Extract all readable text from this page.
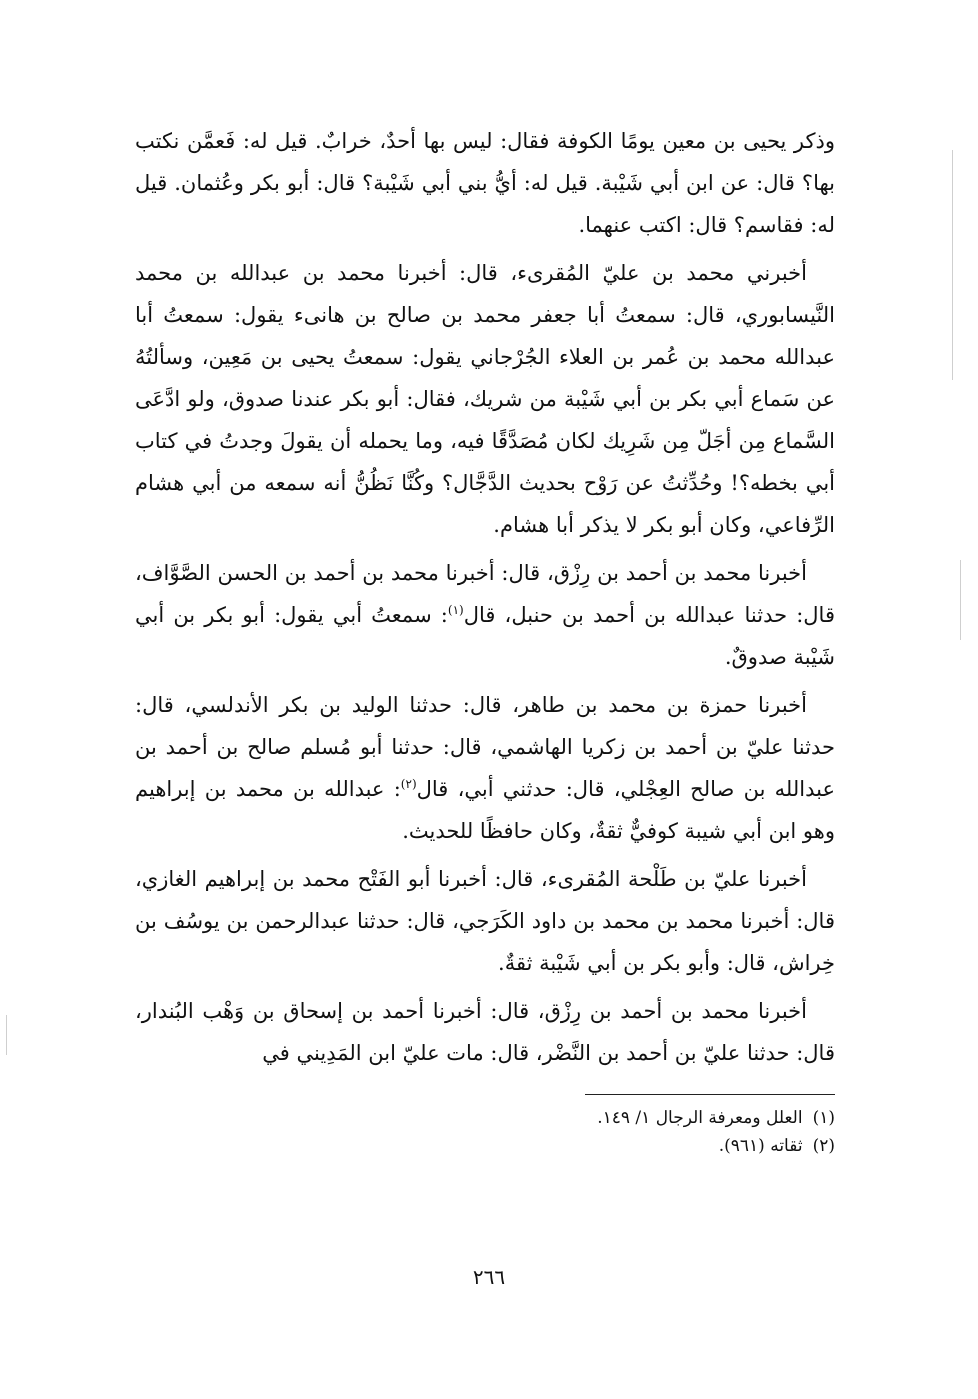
وذكر يحيى بن معين يومًا الكوفة فقال: ليس بها أحدٌ، خرابٌ. قيل له: فَعمَّن نكتب بها؟ قال: عن ابن أبي شَيْبة. قيل له: أيُّ بني أبي شَيْبة؟ قال: أبو بكر وعُثمان. قيل له: فقاسم؟ قال: اكتب عنهما.

أخبرني محمد بن عليّ المُقرىء، قال: أخبرنا محمد بن عبدالله بن محمد النَّيسابوري، قال: سمعتُ أبا جعفر محمد بن صالح بن هانىء يقول: سمعتُ أبا عبدالله محمد بن عُمر بن العلاء الجُرْجاني يقول: سمعتُ يحيى بن مَعِين، وسألتُهُ عن سَماع أبي بكر بن أبي شَيْبة من شريك، فقال: أبو بكر عندنا صدوق، ولو ادَّعَى السَّماع مِن أجَلّ مِن شَرِيك لكان مُصَدَّقًا فيه، وما يحمله أن يقولَ وجدتُ في كتاب أبي بخطه؟! وحُدِّثتُ عن رَوْح بحديث الدَّجَّال؟ وكُنَّا نَظُنُّ أنه سمعه من أبي هشام الرِّفاعي، وكان أبو بكر لا يذكر أبا هشام.

أخبرنا محمد بن أحمد بن رِزْق، قال: أخبرنا محمد بن أحمد بن الحسن الصَّوَّاف، قال: حدثنا عبدالله بن أحمد بن حنبل، قال$^{(١)}$: سمعتُ أبي يقول: أبو بكر بن أبي شَيْبة صدوقٌ.

أخبرنا حمزة بن محمد بن طاهر، قال: حدثنا الوليد بن بكر الأندلسي، قال: حدثنا عليّ بن أحمد بن زكريا الهاشمي، قال: حدثنا أبو مُسلم صالح بن أحمد بن عبدالله بن صالح العِجْلي، قال: حدثني أبي، قال$^{(٢)}$: عبدالله بن محمد بن إبراهيم وهو ابن أبي شيبة كوفيٌّ ثقةٌ، وكان حافظًا للحديث.

أخبرنا عليّ بن طَلْحة المُقرىء، قال: أخبرنا أبو الفَتْح محمد بن إبراهيم الغازي، قال: أخبرنا محمد بن محمد بن داود الكَرَجي، قال: حدثنا عبدالرحمن بن يوسُف بن خِراش، قال: وأبو بكر بن أبي شَيْبة ثقةٌ.

أخبرنا محمد بن أحمد بن رِزْق، قال: أخبرنا أحمد بن إسحاق بن وَهْب البُندار، قال: حدثنا عليّ بن أحمد بن النَّضْر، قال: مات عليّ ابن المَدِيني في

(١)العلل ومعرفة الرجال ١/ ١٤٩.
(٢)ثقاته (٩٦١).
٢٦٦
